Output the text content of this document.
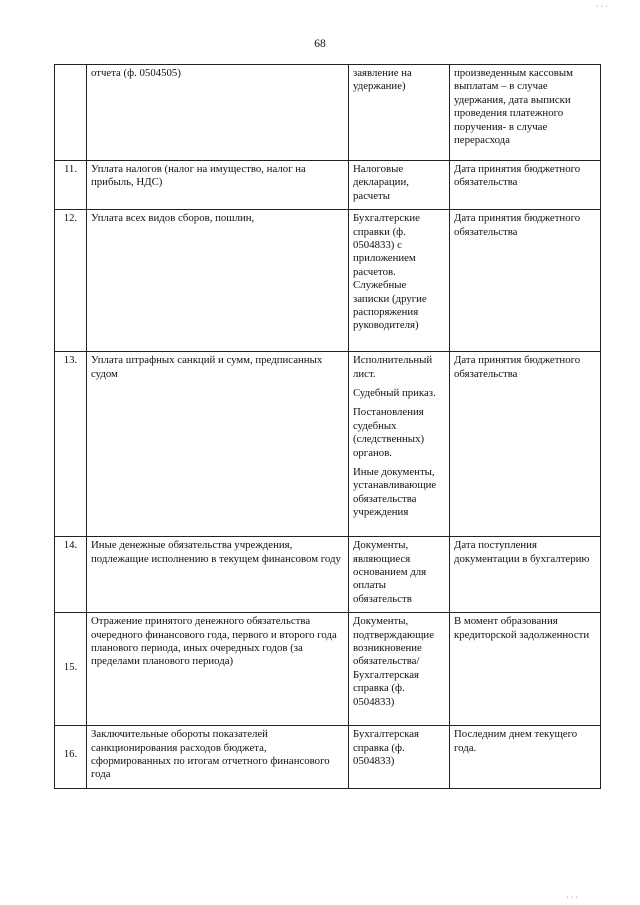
68
	отчета (ф. 0504505)	заявление на удержание)	произведенным кассовым выплатам – в случае удержания, дата выписки проведения платежного поручения- в случае перерасхода
11.	Уплата налогов (налог на имущество, налог на прибыль, НДС)	Налоговые декларации, расчеты	Дата принятия бюджетного обязательства
12.	Уплата всех видов сборов, пошлин,	Бухгалтерские справки (ф. 0504833) с приложением расчетов. Служебные записки (другие распоряжения руководителя)	Дата принятия бюджетного обязательства
13.	Уплата штрафных санкций и сумм, предписанных судом	Исполнительный лист.
Судебный приказ.
Постановления судебных (следственных) органов.
Иные документы, устанавливающие обязательства учреждения	Дата принятия бюджетного обязательства
14.	Иные денежные обязательства учреждения, подлежащие исполнению в текущем финансовом году	Документы, являющиеся основанием для оплаты обязательств	Дата поступления документации в бухгалтерию
15.	Отражение принятого денежного обязательства очередного финансового года, первого и второго года планового периода, иных очередных годов (за пределами планового периода)	Документы, подтверждающие возникновение обязательства/ Бухгалтерская справка (ф. 0504833)	В момент образования кредиторской задолженности
16.	Заключительные обороты показателей санкционирования расходов бюджета, сформированных по итогам отчетного финансового года	Бухгалтерская справка (ф. 0504833)	Последним днем текущего года.
· · ·
· · ·
